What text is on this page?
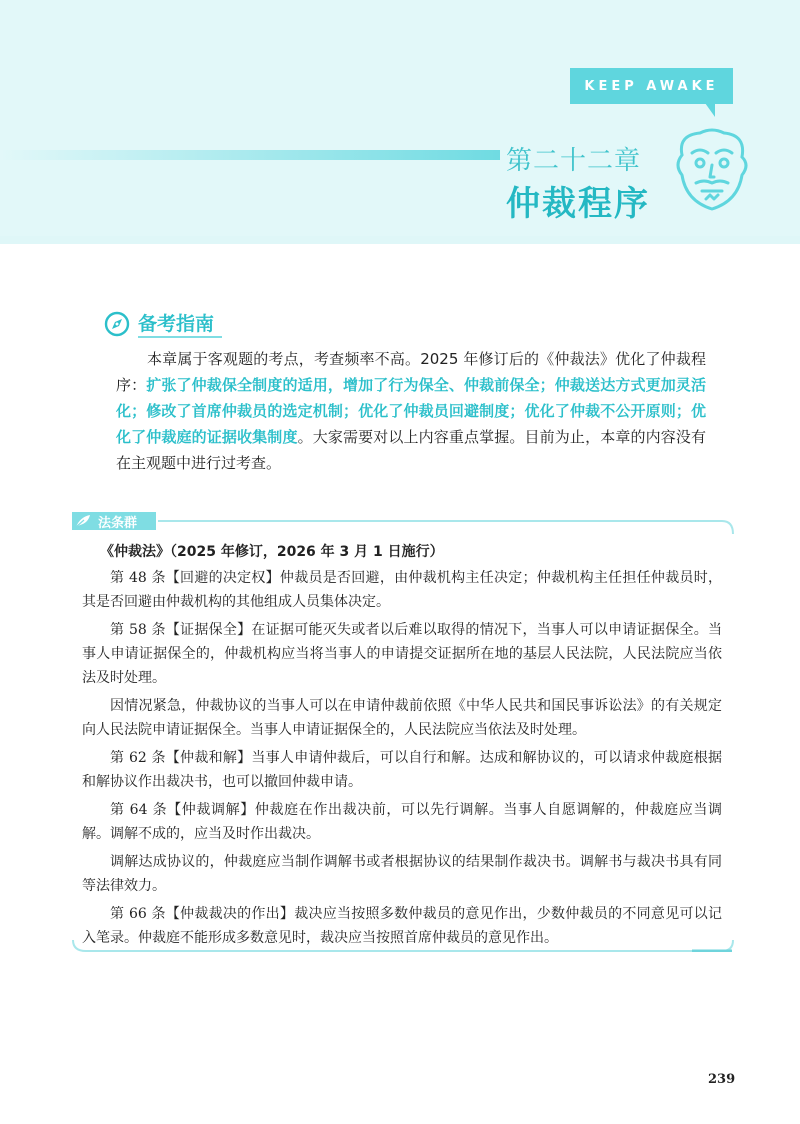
KEEP AWAKE
第二十二章
仲裁程序
备考指南

本章属于客观题的考点，考查频率不高。2025 年修订后的《仲裁法》优化了仲裁程序：扩张了仲裁保全制度的适用，增加了行为保全、仲裁前保全；仲裁送达方式更加灵活化；修改了首席仲裁员的选定机制；优化了仲裁员回避制度；优化了仲裁不公开原则；优化了仲裁庭的证据收集制度。大家需要对以上内容重点掌握。目前为止，本章的内容没有在主观题中进行过考查。

法条群

《仲裁法》（2025 年修订，2026 年 3 月 1 日施行）

第 48 条【回避的决定权】仲裁员是否回避，由仲裁机构主任决定；仲裁机构主任担任仲裁员时，其是否回避由仲裁机构的其他组成人员集体决定。

第 58 条【证据保全】在证据可能灭失或者以后难以取得的情况下，当事人可以申请证据保全。当事人申请证据保全的，仲裁机构应当将当事人的申请提交证据所在地的基层人民法院，人民法院应当依法及时处理。

因情况紧急，仲裁协议的当事人可以在申请仲裁前依照《中华人民共和国民事诉讼法》的有关规定向人民法院申请证据保全。当事人申请证据保全的，人民法院应当依法及时处理。

第 62 条【仲裁和解】当事人申请仲裁后，可以自行和解。达成和解协议的，可以请求仲裁庭根据和解协议作出裁决书，也可以撤回仲裁申请。

第 64 条【仲裁调解】仲裁庭在作出裁决前，可以先行调解。当事人自愿调解的，仲裁庭应当调解。调解不成的，应当及时作出裁决。

调解达成协议的，仲裁庭应当制作调解书或者根据协议的结果制作裁决书。调解书与裁决书具有同等法律效力。

第 66 条【仲裁裁决的作出】裁决应当按照多数仲裁员的意见作出，少数仲裁员的不同意见可以记入笔录。仲裁庭不能形成多数意见时，裁决应当按照首席仲裁员的意见作出。

239
